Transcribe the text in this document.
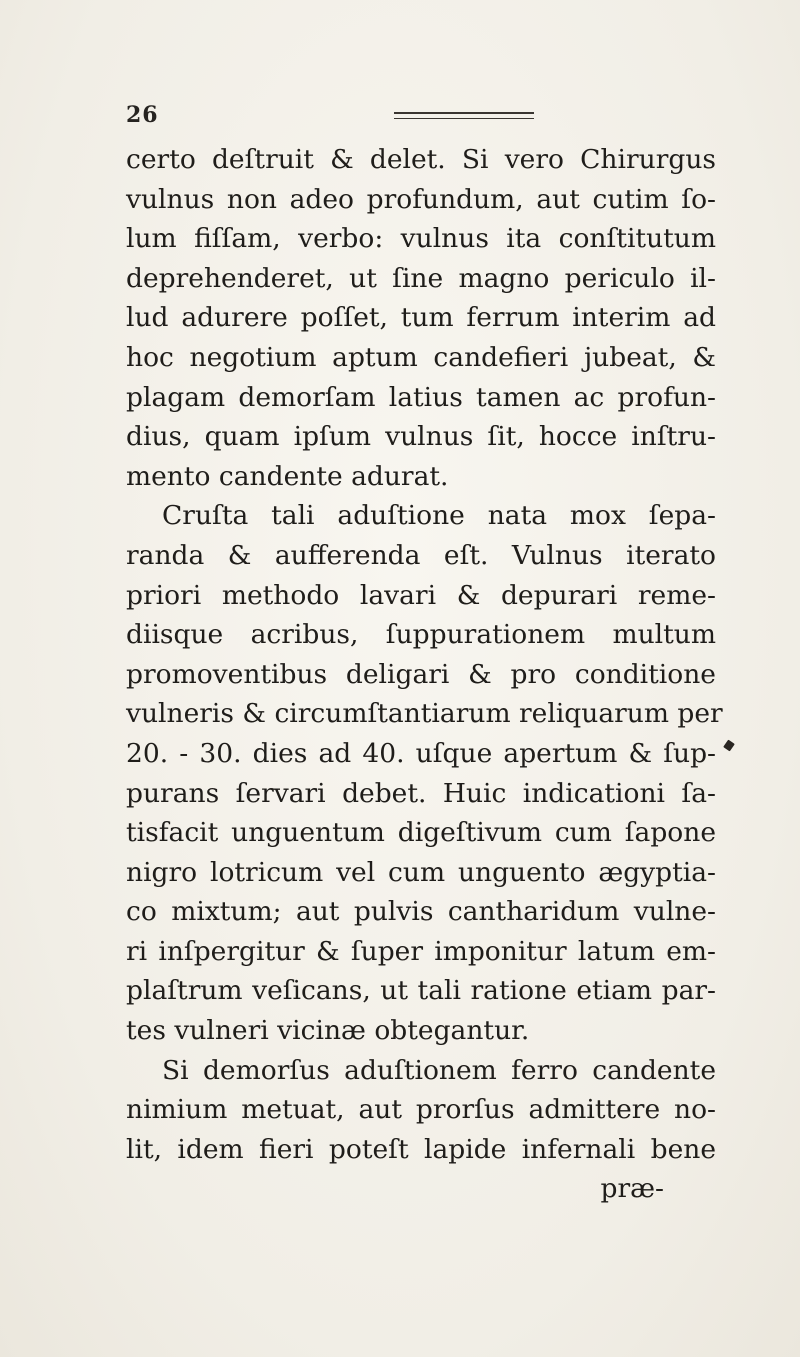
26
certo deſtruit & delet. Si vero Chirurgus
vulnus non adeo profundum, aut cutim ſo-
lum fiſſam, verbo: vulnus ita conſtitutum
deprehenderet, ut ſine magno periculo il-
lud adurere poſſet, tum ferrum interim ad
hoc negotium aptum candefieri jubeat, &
plagam demorſam latius tamen ac profun-
dius, quam ipſum vulnus ſit, hocce inſtru-
mento candente adurat.
Cruſta tali aduſtione nata mox ſepa-
randa & aufferenda eſt. Vulnus iterato
priori methodo lavari & depurari reme-
diisque acribus, ſuppurationem multum
promoventibus deligari & pro conditione
vulneris & circumſtantiarum reliquarum per
20. - 30. dies ad 40. uſque apertum & ſup-
purans ſervari debet. Huic indicationi ſa-
tisfacit unguentum digeſtivum cum ſapone
nigro lotricum vel cum unguento ægyptia-
co mixtum; aut pulvis cantharidum vulne-
ri inſpergitur & ſuper imponitur latum em-
plaſtrum veſicans, ut tali ratione etiam par-
tes vulneri vicinæ obtegantur.
Si demorſus aduſtionem ferro candente
nimium metuat, aut prorſus admittere no-
lit, idem fieri poteſt lapide infernali bene
præ-
